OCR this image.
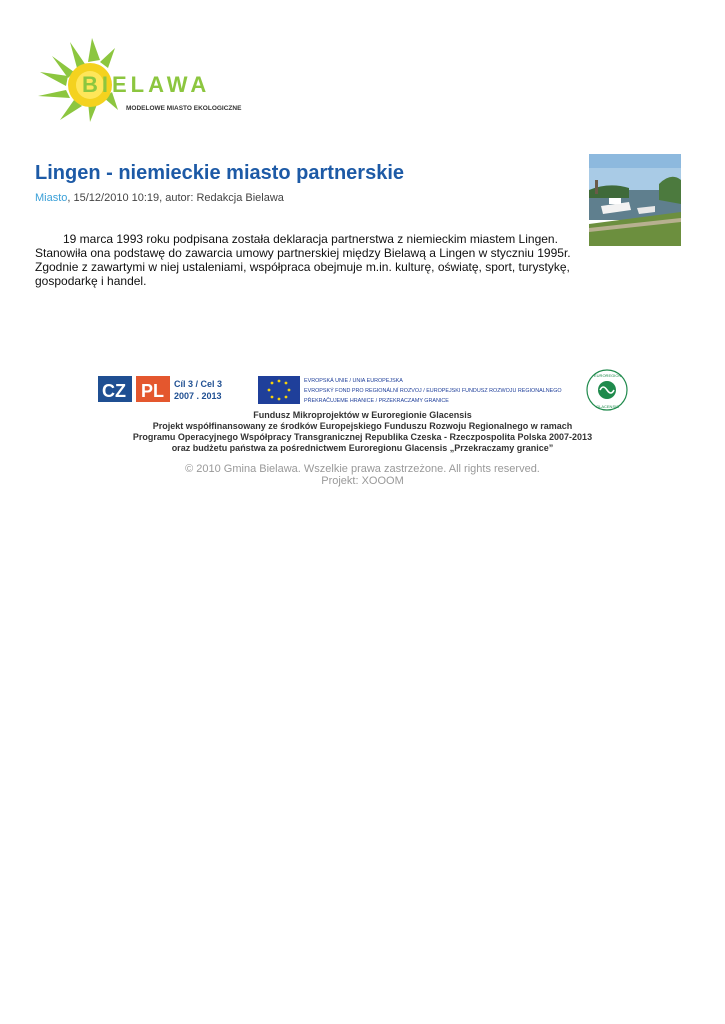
BIELAWA
MODELOWE MIASTO EKOLOGICZNE
Lingen - niemieckie miasto partnerskie
Miasto, 15/12/2010 10:19, autor: Redakcja Bielawa

19 marca 1993 roku podpisana została deklaracja partnerstwa z niemieckim miastem Lingen. Stanowiła ona podstawę do zawarcia umowy partnerskiej między Bielawą a Lingen w styczniu 1995r. Zgodnie z zawartymi w niej ustaleniami, współpraca obejmuje m.in. kulturę, oświatę, sport, turystykę, gospodarkę i handel.

CZ PL Cíl 3 / Cel 3
2007 . 2013
EVROPSKÁ UNIE / UNIA EUROPEJSKA
EVROPSKÝ FOND PRO REGIONÁLNÍ ROZVOJ / EUROPEJSKI FUNDUSZ ROZWOJU REGIONALNEGO
PŘEKRAČUJEME HRANICE / PRZEKRACZAMY GRANICE
EUROREGION
GLACENSIS
Fundusz Mikroprojektów w Euroregionie Glacensis
Projekt współfinansowany ze środków Europejskiego Funduszu Rozwoju Regionalnego w ramach
Programu Operacyjnego Współpracy Transgranicznej Republika Czeska - Rzeczpospolita Polska 2007-2013
oraz budżetu państwa za pośrednictwem Euroregionu Glacensis „Przekraczamy granice”
© 2010 Gmina Bielawa. Wszelkie prawa zastrzeżone. All rights reserved.
Projekt: XOOOM
